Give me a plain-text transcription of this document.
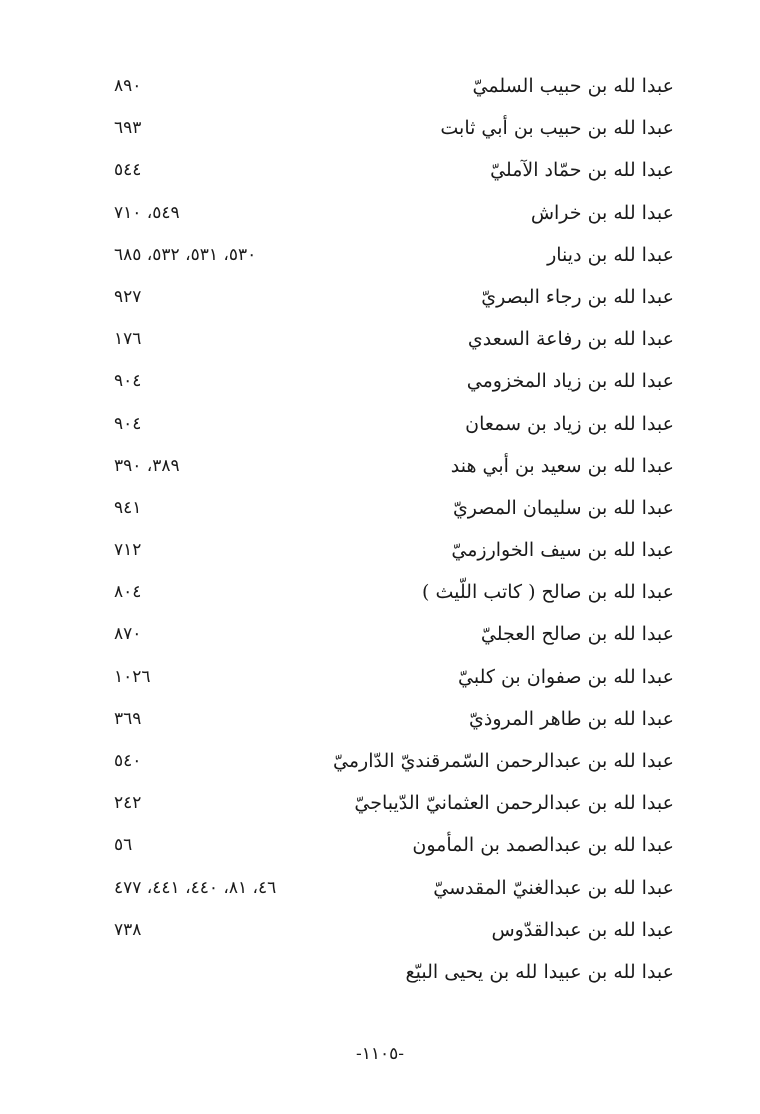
عبدا لله بن حبيب السلميّ
٨٩٠
عبدا لله بن حبيب بن أبي ثابت
٦٩٣
عبدا لله بن حمّاد الآمليّ
٥٤٤
عبدا لله بن خراش
٥٤٩، ٧١٠
عبدا لله بن دينار
٥٣٠، ٥٣١، ٥٣٢، ٦٨٥
عبدا لله بن رجاء البصريّ
٩٢٧
عبدا لله بن رفاعة السعدي
١٧٦
عبدا لله بن زياد المخزومي
٩٠٤
عبدا لله بن زياد بن سمعان
٩٠٤
عبدا لله بن سعيد بن أبي هند
٣٨٩، ٣٩٠
عبدا لله بن سليمان المصريّ
٩٤١
عبدا لله بن سيف الخوارزميّ
٧١٢
عبدا لله بن صالح ( كاتب اللّيث )
٨٠٤
عبدا لله بن صالح العجليّ
٨٧٠
عبدا لله بن صفوان بن كلبيّ
١٠٢٦
عبدا لله بن طاهر المروذيّ
٣٦٩
عبدا لله بن عبدالرحمن السّمرقنديّ الدّارميّ
٥٤٠
عبدا لله بن عبدالرحمن العثمانيّ الدّيباجيّ
٢٤٢
عبدا لله بن عبدالصمد بن المأمون
٥٦
عبدا لله بن عبدالغنيّ المقدسيّ
٤٦، ٨١، ٤٤٠، ٤٤١، ٤٧٧
عبدا لله بن عبدالقدّوس
٧٣٨
عبدا لله بن عبيدا لله بن يحيى البيّع
-١١٠٥-
